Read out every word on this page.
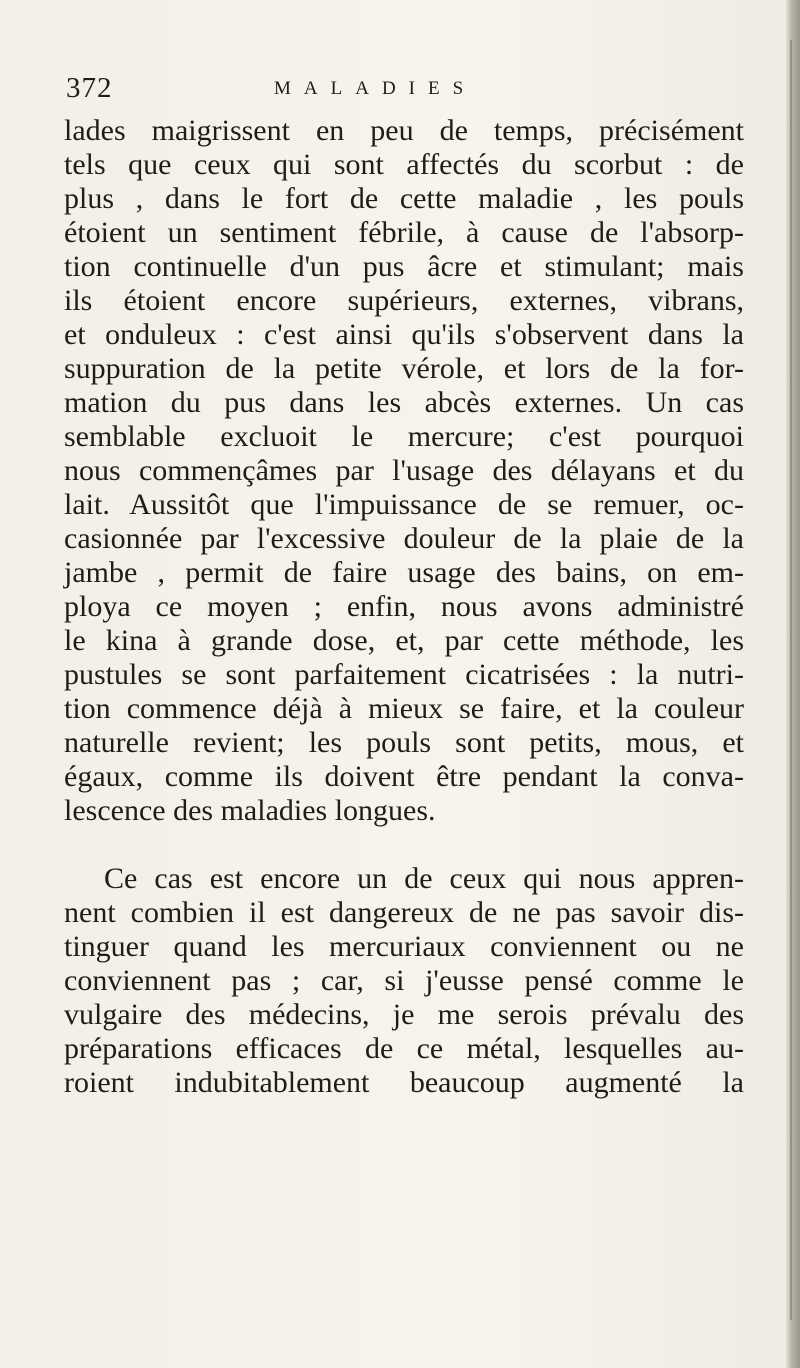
372	MALADIES
lades maigrissent en peu de temps, précisément
tels que ceux qui sont affectés du scorbut : de
plus , dans le fort de cette maladie , les pouls
étoient un sentiment fébrile, à cause de l'absorp-
tion continuelle d'un pus âcre et stimulant; mais
ils étoient encore supérieurs, externes, vibrans,
et onduleux : c'est ainsi qu'ils s'observent dans la
suppuration de la petite vérole, et lors de la for-
mation du pus dans les abcès externes. Un cas
semblable excluoit le mercure; c'est pourquoi
nous commençâmes par l'usage des délayans et du
lait. Aussitôt que l'impuissance de se remuer, oc-
casionnée par l'excessive douleur de la plaie de la
jambe , permit de faire usage des bains, on em-
ploya ce moyen ; enfin, nous avons administré
le kina à grande dose, et, par cette méthode, les
pustules se sont parfaitement cicatrisées : la nutri-
tion commence déjà à mieux se faire, et la couleur
naturelle revient; les pouls sont petits, mous, et
égaux, comme ils doivent être pendant la conva-
lescence des maladies longues.
Ce cas est encore un de ceux qui nous appren-
nent combien il est dangereux de ne pas savoir dis-
tinguer quand les mercuriaux conviennent ou ne
conviennent pas ; car, si j'eusse pensé comme le
vulgaire des médecins, je me serois prévalu des
préparations efficaces de ce métal, lesquelles au-
roient indubitablement beaucoup augmenté la
